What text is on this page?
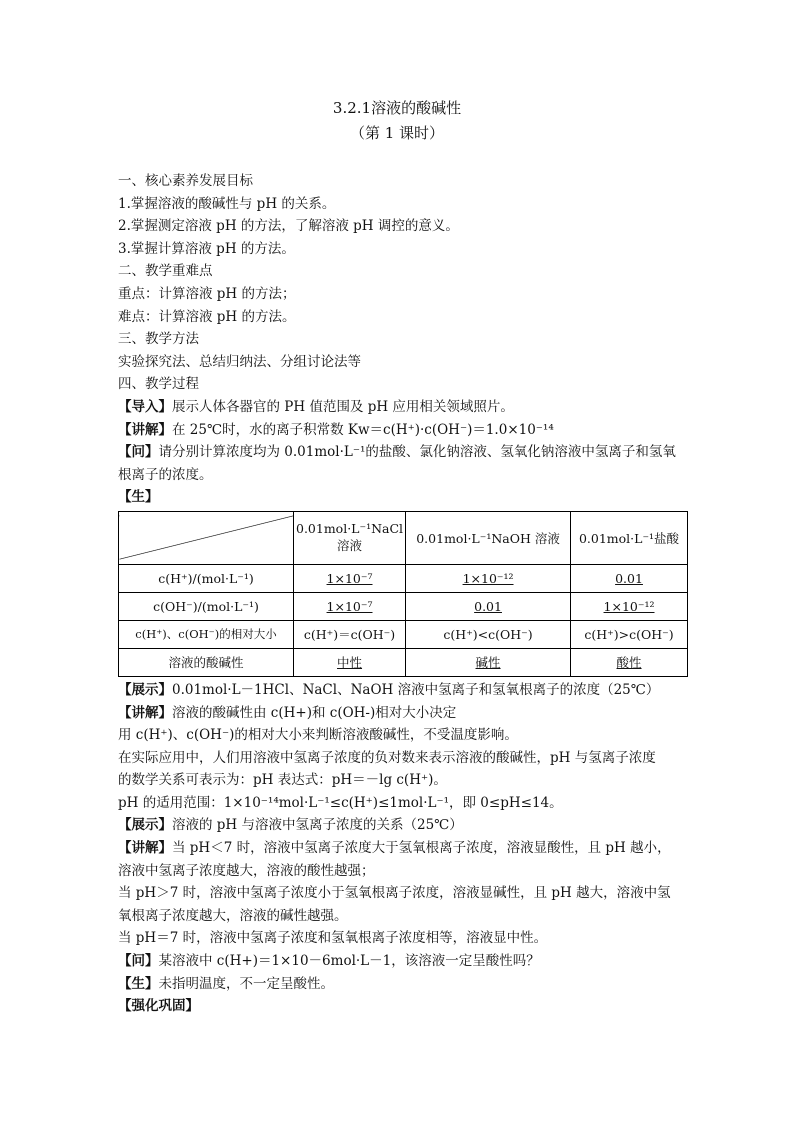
3.2.1溶液的酸碱性
（第 1 课时）
一、核心素养发展目标
1.掌握溶液的酸碱性与 pH 的关系。
2.掌握测定溶液 pH 的方法，了解溶液 pH 调控的意义。
3.掌握计算溶液 pH 的方法。
二、教学重难点
重点：计算溶液 pH 的方法；
难点：计算溶液 pH 的方法。
三、教学方法
实验探究法、总结归纳法、分组讨论法等
四、教学过程
【导入】展示人体各器官的 PH 值范围及 pH 应用相关领域照片。
【讲解】在 25℃时，水的离子积常数 Kw＝c(H⁺)·c(OH⁻)＝1.0×10⁻¹⁴
【问】请分别计算浓度均为 0.01mol·L⁻¹的盐酸、氯化钠溶液、氢氧化钠溶液中氢离子和氢氧根离子的浓度。
【生】
	0.01mol·L⁻¹NaCl 溶液	0.01mol·L⁻¹NaOH 溶液	0.01mol·L⁻¹盐酸
c(H⁺)/(mol·L⁻¹)	1×10⁻⁷	1×10⁻¹²	0.01
c(OH⁻)/(mol·L⁻¹)	1×10⁻⁷	0.01	1×10⁻¹²
c(H⁺)、c(OH⁻)的相对大小	c(H⁺)＝c(OH⁻)	c(H⁺)<c(OH⁻)	c(H⁺)>c(OH⁻)
溶液的酸碱性	中性	碱性	酸性
【展示】0.01mol·L－1HCl、NaCl、NaOH 溶液中氢离子和氢氧根离子的浓度（25℃）
【讲解】溶液的酸碱性由 c(H+)和 c(OH-)相对大小决定
用 c(H⁺)、c(OH⁻)的相对大小来判断溶液酸碱性，不受温度影响。
在实际应用中，人们用溶液中氢离子浓度的负对数来表示溶液的酸碱性，pH 与氢离子浓度
的数学关系可表示为：pH 表达式：pH＝－lg c(H⁺)。
pH 的适用范围：1×10⁻¹⁴mol·L⁻¹≤c(H⁺)≤1mol·L⁻¹，即 0≤pH≤14。
【展示】溶液的 pH 与溶液中氢离子浓度的关系（25℃）
【讲解】当 pH＜7 时，溶液中氢离子浓度大于氢氧根离子浓度，溶液显酸性，且 pH 越小，
溶液中氢离子浓度越大，溶液的酸性越强；
当 pH＞7 时，溶液中氢离子浓度小于氢氧根离子浓度，溶液显碱性，且 pH 越大，溶液中氢
氧根离子浓度越大，溶液的碱性越强。
当 pH＝7 时，溶液中氢离子浓度和氢氧根离子浓度相等，溶液显中性。
【问】某溶液中 c(H+)＝1×10－6mol·L－1，该溶液一定呈酸性吗？
【生】未指明温度，不一定呈酸性。
【强化巩固】
